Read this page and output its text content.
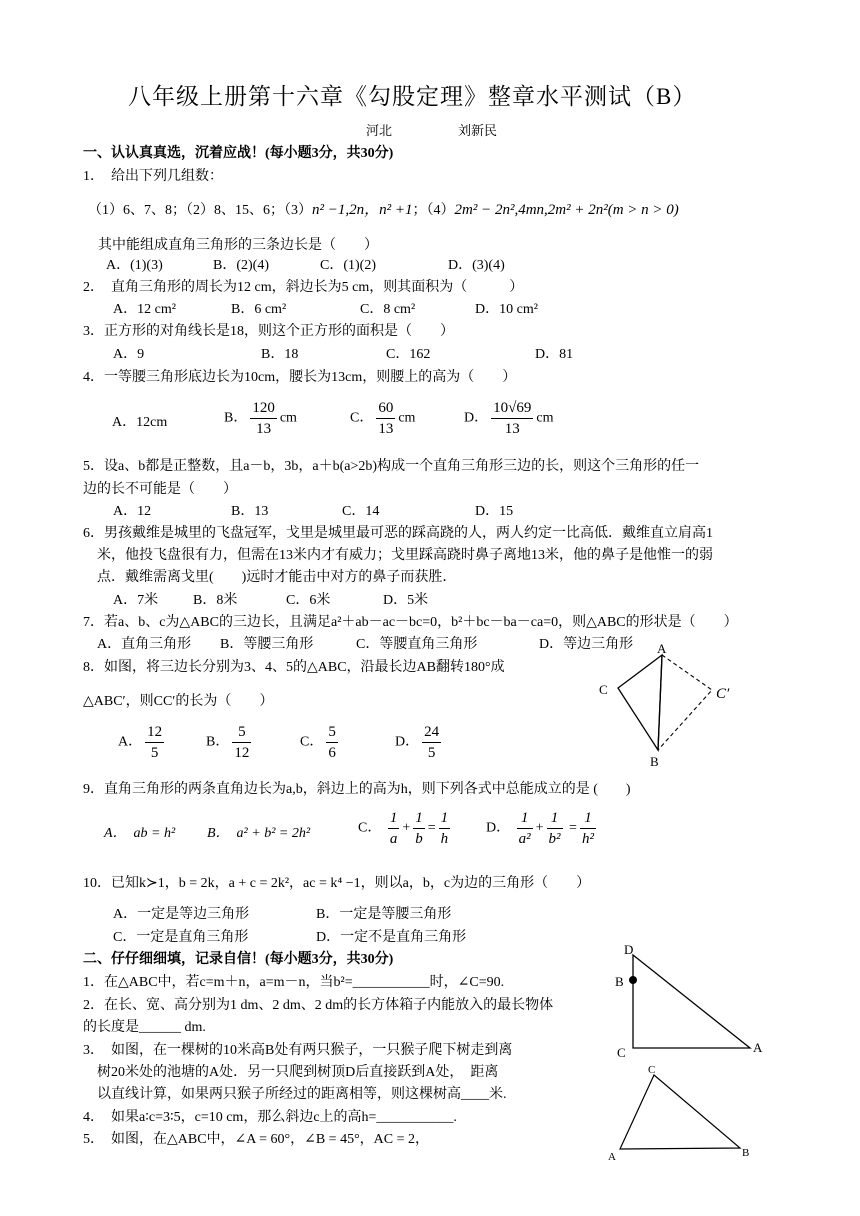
八年级上册第十六章《勾股定理》整章水平测试（B）
河北	刘新民
一、认认真真选，沉着应战！(每小题3分，共30分)
1．　给出下列几组数：
（1）6、7、8；（2）8、15、6；（3）n² −1,2n，n² +1；（4）2m² − 2n²,4mn,2m² + 2n²(m > n > 0)
其中能组成直角三角形的三条边长是（　　）
A．(1)(3)	B．(2)(4)	C．(1)(2)	D．(3)(4)
2．　直角三角形的周长为12 cm，斜边长为5 cm，则其面积为（　　　）
A．12 cm²	B．6 cm²	C．8 cm²	D．10 cm²
3．正方形的对角线长是18，则这个正方形的面积是（　　）
A．9	B．18	C．162	D．81
4．一等腰三角形底边长为10cm，腰长为13cm，则腰上的高为（　　）
A．12cm	B． $\frac{120}{13}$ cm	C． $\frac{60}{13}$ cm	D． $\frac{10√69}{13}$ cm
5．设a、b都是正整数，且a－b，3b，a＋b(a>2b)构成一个直角三角形三边的长，则这个三角形的任一
边的长不可能是（　　）
A．12	B．13	C．14	D．15
6．男孩戴维是城里的飞盘冠军，戈里是城里最可恶的踩高跷的人，两人约定一比高低．戴维直立肩高1
米，他投飞盘很有力，但需在13米内才有威力；戈里踩高跷时鼻子离地13米，他的鼻子是他惟一的弱
点．戴维需离戈里(　　)远时才能击中对方的鼻子而获胜．
A．7米 B．8米	C．6米	D．5米
7．若a、b、c为△ABC的三边长，且满足a²＋ab－ac－bc=0，b²＋bc－ba－ca=0，则△ABC的形状是（　　）
A．直角三角形 B．等腰三角形	C．等腰直角三角形	D．等边三角形
8．如图，将三边长分别为3、4、5的△ABC，沿最长边AB翻转180°成
△ABC′，则CC′的长为（　　）
A． $\frac{12}{5}$	B． $\frac{5}{12}$	C． $\frac{5}{6}$	D． $\frac{24}{5}$
A
C	C′
B
9．直角三角形的两条直角边长为a,b，斜边上的高为h，则下列各式中总能成立的是 (　　)
A．　ab = h² B．　a² + b² = 2h²	C． $\frac{1}{a} + \frac{1}{b} = \frac{1}{h}$	D． $\frac{1}{\text{a²}} + \frac{1}{\text{b²}} = \frac{1}{\text{h²}}$
10．已知k≻1，b = 2k，a + c = 2k²，ac = k⁴ −1，则以a，b，c为边的三角形（　　）
A．一定是等边三角形	B．一定是等腰三角形
C．一定是直角三角形	D．一定不是直角三角形
二、仔仔细细填，记录自信！(每小题3分，共30分)
1．在△ABC中，若c=m＋n，a=m－n，当b²=___________时，∠C=90.
2．在长、宽、高分别为1 dm、2 dm、2 dm的长方体箱子内能放入的最长物体
的长度是______ dm.
3．　如图，在一棵树的10米高B处有两只猴子，一只猴子爬下树走到离
树20米处的池塘的A处．另一只爬到树顶D后直接跃到A处，　距离
以直线计算，如果两只猴子所经过的距离相等，则这棵树高____米.
4．　如果a∶c=3∶5，c=10 cm，那么斜边c上的高h=___________.
5．　如图，在△ABC中，∠A = 60°，∠B = 45°，AC = 2，
D
B
C	A
C
A	B
